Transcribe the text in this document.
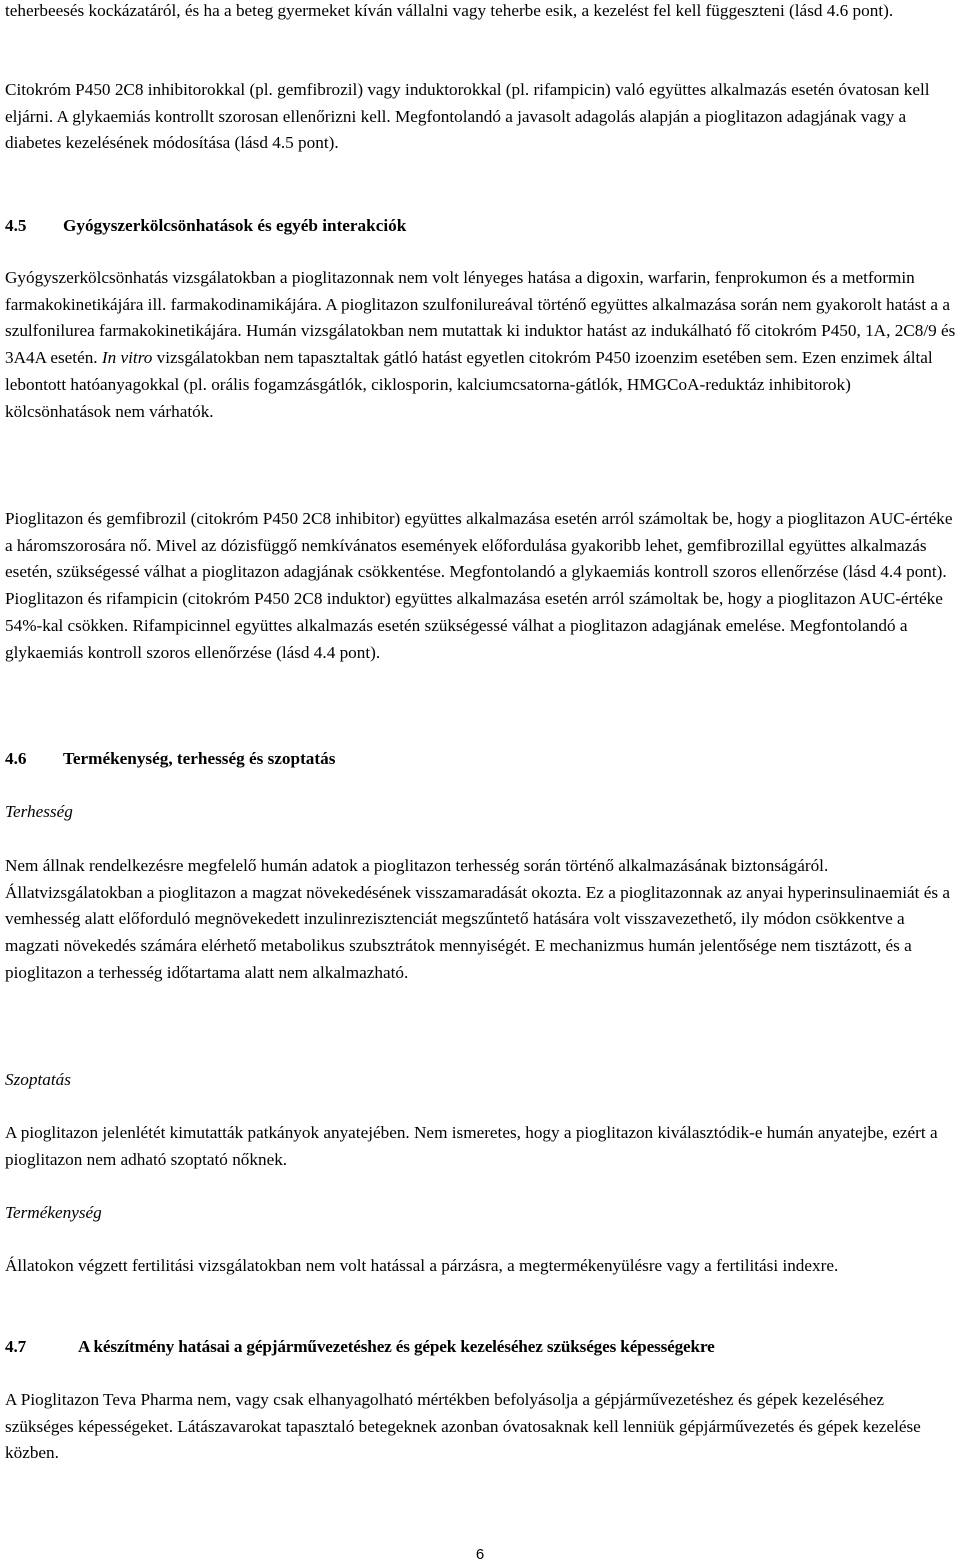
teherbeesés kockázatáról, és ha a beteg gyermeket kíván vállalni vagy teherbe esik, a kezelést fel kell függeszteni (lásd 4.6 pont).

Citokróm P450 2C8 inhibitorokkal (pl. gemfibrozil) vagy induktorokkal (pl. rifampicin) való együttes alkalmazás esetén óvatosan kell eljárni. A glykaemiás kontrollt szorosan ellenőrizni kell. Megfontolandó a javasolt adagolás alapján a pioglitazon adagjának vagy a diabetes kezelésének módosítása (lásd 4.5 pont).

4.5 Gyógyszerkölcsönhatások és egyéb interakciók

Gyógyszerkölcsönhatás vizsgálatokban a pioglitazonnak nem volt lényeges hatása a digoxin, warfarin, fenprokumon és a metformin farmakokinetikájára ill. farmakodinamikájára. A pioglitazon szulfonilureával történő együttes alkalmazása során nem gyakorolt hatást a a szulfonilurea farmakokinetikájára. Humán vizsgálatokban nem mutattak ki induktor hatást az indukálható fő citokróm P450, 1A, 2C8/9 és 3A4A esetén. In vitro vizsgálatokban nem tapasztaltak gátló hatást egyetlen citokróm P450 izoenzim esetében sem. Ezen enzimek által lebontott hatóanyagokkal (pl. orális fogamzásgátlók, ciklosporin, kalciumcsatorna-gátlók, HMGCoA-reduktáz inhibitorok) kölcsönhatások nem várhatók.

Pioglitazon és gemfibrozil (citokróm P450 2C8 inhibitor) együttes alkalmazása esetén arról számoltak be, hogy a pioglitazon AUC-értéke a háromszorosára nő. Mivel az dózisfüggő nemkívánatos események előfordulása gyakoribb lehet, gemfibrozillal együttes alkalmazás esetén, szükségessé válhat a pioglitazon adagjának csökkentése. Megfontolandó a glykaemiás kontroll szoros ellenőrzése (lásd 4.4 pont). Pioglitazon és rifampicin (citokróm P450 2C8 induktor) együttes alkalmazása esetén arról számoltak be, hogy a pioglitazon AUC-értéke 54%-kal csökken. Rifampicinnel együttes alkalmazás esetén szükségessé válhat a pioglitazon adagjának emelése. Megfontolandó a glykaemiás kontroll szoros ellenőrzése (lásd 4.4 pont).

4.6 Termékenység, terhesség és szoptatás
Terhesség

Nem állnak rendelkezésre megfelelő humán adatok a pioglitazon terhesség során történő alkalmazásának biztonságáról. Állatvizsgálatokban a pioglitazon a magzat növekedésének visszamaradását okozta. Ez a pioglitazonnak az anyai hyperinsulinaemiát és a vemhesség alatt előforduló megnövekedett inzulinrezisztenciát megszűntető hatására volt visszavezethető, ily módon csökkentve a magzati növekedés számára elérhető metabolikus szubsztrátok mennyiségét. E mechanizmus humán jelentősége nem tisztázott, és a pioglitazon a terhesség időtartama alatt nem alkalmazható.

Szoptatás

A pioglitazon jelenlétét kimutatták patkányok anyatejében. Nem ismeretes, hogy a pioglitazon kiválasztódik-e humán anyatejbe, ezért a pioglitazon nem adható szoptató nőknek.

Termékenység

Állatokon végzett fertilitási vizsgálatokban nem volt hatással a párzásra, a megtermékenyülésre vagy a fertilitási indexre.

4.7	A készítmény hatásai a gépjárművezetéshez és gépek kezeléséhez szükséges képességekre

A Pioglitazon Teva Pharma nem, vagy csak elhanyagolható mértékben befolyásolja a gépjárművezetéshez és gépek kezeléséhez szükséges képességeket. Látászavarokat tapasztaló betegeknek azonban óvatosaknak kell lenniük gépjárművezetés és gépek kezelése közben.

6
